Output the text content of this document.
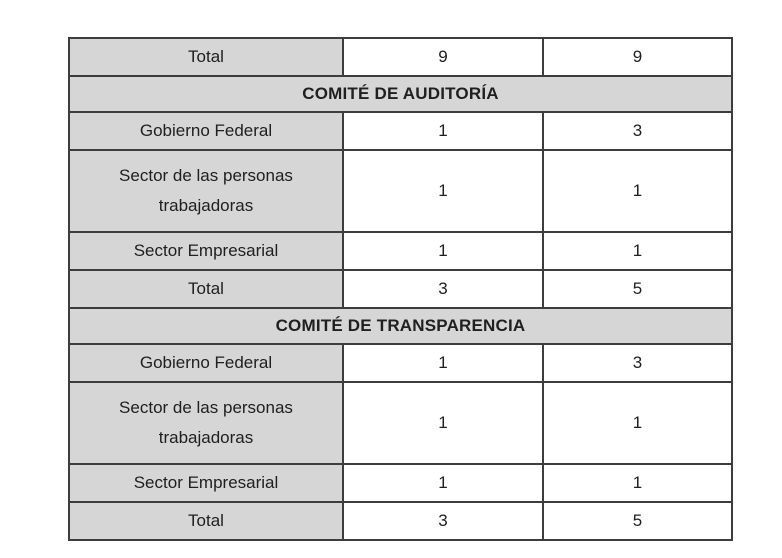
Total	9	9
COMITÉ DE AUDITORÍA		
Gobierno Federal	1	3
Sector de las personas trabajadoras	1	1
Sector Empresarial	1	1
Total	3	5
COMITÉ DE TRANSPARENCIA		
Gobierno Federal	1	3
Sector de las personas trabajadoras	1	1
Sector Empresarial	1	1
Total	3	5
